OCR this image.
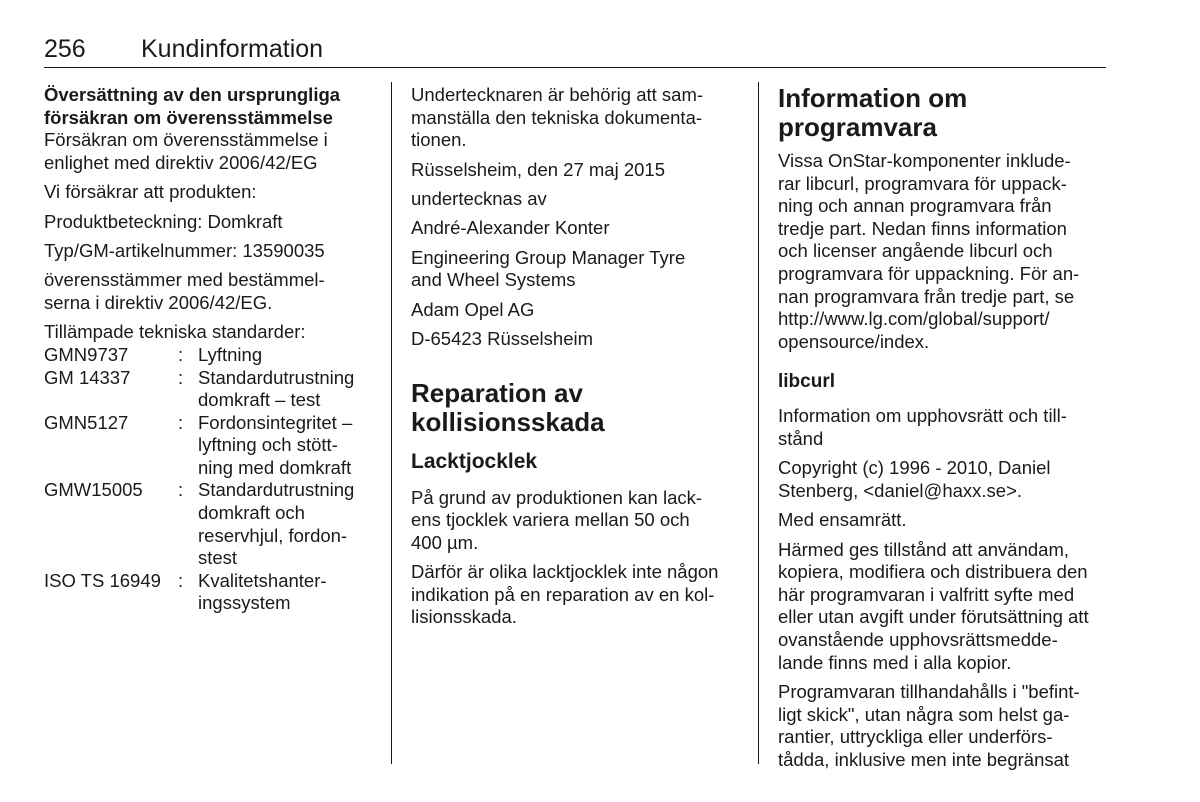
256 Kundinformation
Översättning av den ursprungliga
försäkran om överensstämmelse

Försäkran om överensstämmelse i
enlighet med direktiv 2006/42/EG

Vi försäkrar att produkten:

Produktbeteckning: Domkraft

Typ/GM-artikelnummer: 13590035

överensstämmer med bestämmel-
serna i direktiv 2006/42/EG.

Tillämpade tekniska standarder:

GMN9737	:	Lyftning

GM 14337	:	Standardutrustning
domkraft – test

GMN5127	:	Fordonsintegritet –
lyftning och stött-
ning med domkraft

GMW15005	:	Standardutrustning
domkraft och
reservhjul, fordon-
stest

ISO TS 16949	:	Kvalitetshanter-
ingssystem

Undertecknaren är behörig att sam-
manställa den tekniska dokumenta-
tionen.

Rüsselsheim, den 27 maj 2015

undertecknas av

André-Alexander Konter

Engineering Group Manager Tyre
and Wheel Systems

Adam Opel AG

D-65423 Rüsselsheim

Reparation av
kollisionsskada
Lacktjocklek

På grund av produktionen kan lack-
ens tjocklek variera mellan 50 och
400 µm.

Därför är olika lacktjocklek inte någon
indikation på en reparation av en kol-
lisionsskada.

Information om
programvara

Vissa OnStar-komponenter inklude-
rar libcurl, programvara för uppack-
ning och annan programvara från
tredje part. Nedan finns information
och licenser angående libcurl och
programvara för uppackning. För an-
nan programvara från tredje part, se
http://www.lg.com/global/support/
opensource/index.

libcurl

Information om upphovsrätt och till-
stånd

Copyright (c) 1996 - 2010, Daniel
Stenberg, <daniel@haxx.se>.

Med ensamrätt.

Härmed ges tillstånd att användam,
kopiera, modifiera och distribuera den
här programvaran i valfritt syfte med
eller utan avgift under förutsättning att
ovanstående upphovsrättsmedde-
lande finns med i alla kopior.

Programvaran tillhandahålls i "befint-
ligt skick", utan några som helst ga-
rantier, uttryckliga eller underförs-
tådda, inklusive men inte begränsat
